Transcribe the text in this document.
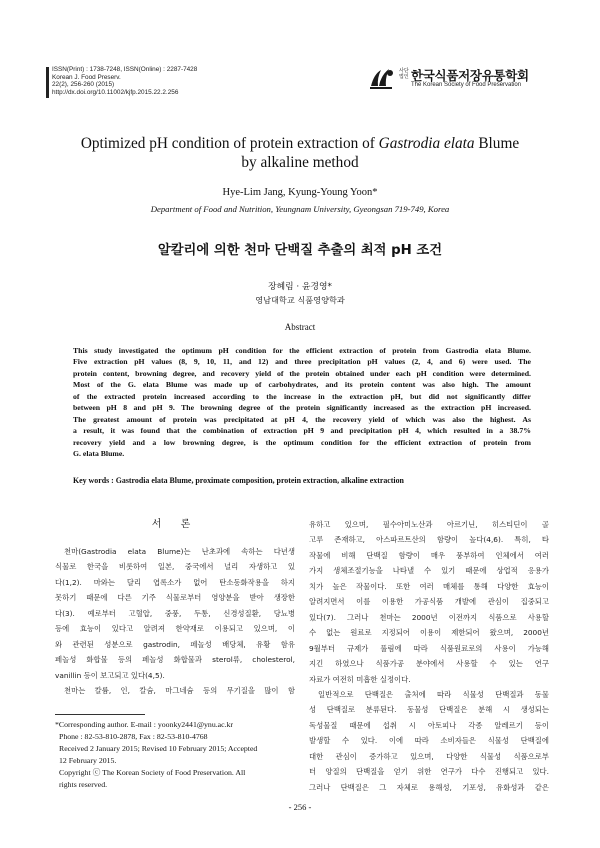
ISSN(Print) : 1738-7248, ISSN(Online) : 2287-7428
Korean J. Food Preserv.
22(2), 256-260 (2015)
http://dx.doi.org/10.11002/kjfp.2015.22.2.256
사단법인 한국식품저장유통학회
The Korean Society of Food Preservation
Optimized pH condition of protein extraction of Gastrodia elata Blume
by alkaline method
Hye-Lim Jang, Kyung-Young Yoon*
Department of Food and Nutrition, Yeungnam University, Gyeongsan 719-749, Korea
알칼리에 의한 천마 단백질 추출의 최적 pH 조건
장혜림 · 윤경영*
영남대학교 식품영양학과
Abstract
This study investigated the optimum pH condition for the efficient extraction of protein from Gastrodia elata Blume.
Five extraction pH values (8, 9, 10, 11, and 12) and three precipitation pH values (2, 4, and 6) were used. The
protein content, browning degree, and recovery yield of the protein obtained under each pH condition were determined.
Most of the G. elata Blume was made up of carbohydrates, and its protein content was also high. The amount
of the extracted protein increased according to the increase in the extraction pH, but did not significantly differ
between pH 8 and pH 9. The browning degree of the protein significantly increased as the extraction pH increased.
The greatest amount of protein was precipitated at pH 4, the recovery yield of which was also the highest. As
a result, it was found that the combination of extraction pH 9 and precipitation pH 4, which resulted in a 38.7%
recovery yield and a low browning degree, is the optimum condition for the efficient extraction of protein from
G. elata Blume.
Key words : Gastrodia elata Blume, proximate composition, protein extraction, alkaline extraction
서 론
천마(Gastrodia elata Blume)는 난초과에 속하는 다년생
식물로 한국을 비롯하여 일본, 중국에서 널리 자생하고 있
다(1,2). 마와는 달리 엽록소가 없어 탄소동화작용을 하지
못하기 때문에 다른 기주 식물로부터 영양분을 받아 생장한
다(3). 예로부터 고혈압, 중풍, 두통, 신경성질환, 당뇨병
등에 효능이 있다고 알려져 한약재로 이용되고 있으며, 이
와 관련된 성분으로 gastrodin, 페놀성 배당체, 유황 함유
페놀성 화합물 등의 페놀성 화합물과 sterol류, cholesterol,
vanillin 등이 보고되고 있다(4,5).
천마는 칼륨, 인, 칼슘, 마그네슘 등의 무기질을 많이 함
유하고 있으며, 필수아미노산과 아르기닌, 히스티딘이 골
고루 존재하고, 아스파르트산의 함량이 높다(4,6). 특히, 타
작물에 비해 단백질 함량이 매우 풍부하여 인체에서 여러
가지 생체조절기능을 나타낼 수 있기 때문에 상업적 응용가
치가 높은 작물이다. 또한 여러 매체를 통해 다양한 효능이
알려지면서 이를 이용한 가공식품 개발에 관심이 집중되고
있다(7). 그러나 천마는 2000년 이전까지 식품으로 사용할
수 없는 원료로 지정되어 이용이 제한되어 왔으며, 2000년
9월부터 규제가 풀림에 따라 식품원료로의 사용이 가능해
지긴 하였으나 식품가공 분야에서 사용할 수 있는 연구
자료가 여전히 미흡한 실정이다.
일반적으로 단백질은 출처에 따라 식물성 단백질과 동물
성 단백질로 분류된다. 동물성 단백질은 분해 시 생성되는
독성물질 때문에 섭취 시 아토피나 각종 알레르기 등이
발생할 수 있다. 이에 따라 소비자들은 식물성 단백질에
대한 관심이 증가하고 있으며, 다양한 식물성 식품으로부
터 양질의 단백질을 얻기 위한 연구가 다수 진행되고 있다.
그러나 단백질은 그 자체로 용해성, 기포성, 유화성과 같은
*Corresponding author. E-mail : yoonky2441@ynu.ac.kr
Phone : 82-53-810-2878, Fax : 82-53-810-4768
Received 2 January 2015; Revised 10 February 2015; Accepted
12 February 2015.
Copyright ⓒ The Korean Society of Food Preservation. All
rights reserved.
- 256 -
